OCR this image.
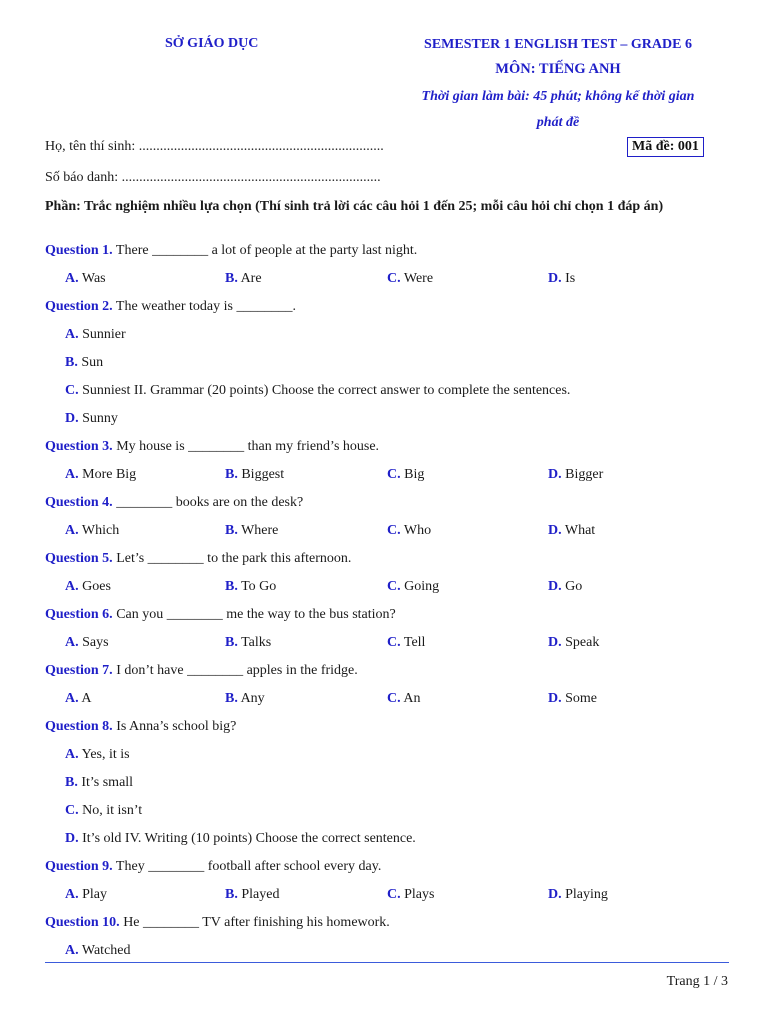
SỞ GIÁO DỤC	SEMESTER 1 ENGLISH TEST – GRADE 6
MÔN: TIẾNG ANH
Thời gian làm bài: 45 phút; không kể thời gian
phát đề
Họ, tên thí sinh: ......................................................................	Mã đề: 001
Số báo danh: ..........................................................................
Phần: Trắc nghiệm nhiều lựa chọn (Thí sinh trả lời các câu hỏi 1 đến 25; mỗi câu hỏi chỉ chọn 1 đáp án)
Question 1. There ________ a lot of people at the party last night.
A. Was	B. Are	C. Were	D. Is
Question 2. The weather today is ________.
A. Sunnier
B. Sun
C. Sunniest II. Grammar (20 points) Choose the correct answer to complete the sentences.
D. Sunny
Question 3. My house is ________ than my friend’s house.
A. More Big	B. Biggest	C. Big	D. Bigger
Question 4. ________ books are on the desk?
A. Which	B. Where	C. Who	D. What
Question 5. Let’s ________ to the park this afternoon.
A. Goes	B. To Go	C. Going	D. Go
Question 6. Can you ________ me the way to the bus station?
A. Says	B. Talks	C. Tell	D. Speak
Question 7. I don’t have ________ apples in the fridge.
A. A	B. Any	C. An	D. Some
Question 8. Is Anna’s school big?
A. Yes, it is
B. It’s small
C. No, it isn’t
D. It’s old IV. Writing (10 points) Choose the correct sentence.
Question 9. They ________ football after school every day.
A. Play	B. Played	C. Plays	D. Playing
Question 10. He ________ TV after finishing his homework.
A. Watched
Trang 1 / 3
